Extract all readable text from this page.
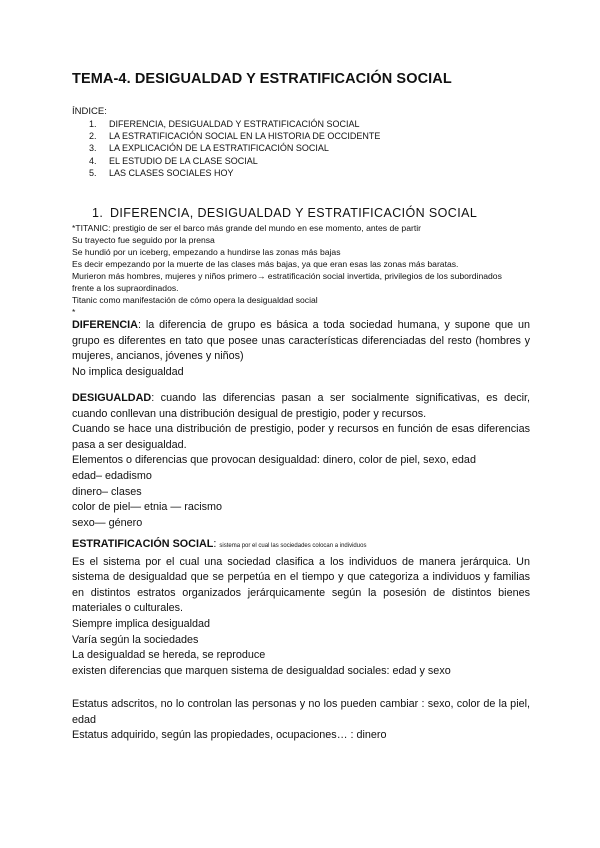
TEMA-4. DESIGUALDAD Y ESTRATIFICACIÓN SOCIAL
ÍNDICE:
1.	DIFERENCIA, DESIGUALDAD Y ESTRATIFICACIÓN SOCIAL
2.	LA ESTRATIFICACIÓN SOCIAL EN LA HISTORIA DE OCCIDENTE
3.	LA EXPLICACIÓN DE LA ESTRATIFICACIÓN SOCIAL
4.	EL ESTUDIO DE LA CLASE SOCIAL
5.	LAS CLASES SOCIALES HOY
1. DIFERENCIA, DESIGUALDAD Y ESTRATIFICACIÓN SOCIAL
*TITANIC: prestigio de ser el barco más grande del mundo en ese momento, antes de partir
Su trayecto fue seguido por la prensa
Se hundió por un iceberg, empezando a hundirse las zonas más bajas
Es decir empezando por la muerte de las clases más bajas, ya que eran esas las zonas más baratas.
Murieron más hombres, mujeres y niños primero→ estratificación social invertida, privilegios de los subordinados
frente a los supraordinados.
Titanic como manifestación de cómo opera la desigualdad social
*

DIFERENCIA: la diferencia de grupo es básica a toda sociedad humana, y supone que un grupo es diferentes en tato que posee unas características diferenciadas del resto (hombres y mujeres, ancianos, jóvenes y niños)

No implica desigualdad

DESIGUALDAD: cuando las diferencias pasan a ser socialmente significativas, es decir, cuando conllevan una distribución desigual de prestigio, poder y recursos.

Cuando se hace una distribución de prestigio, poder y recursos en función de esas diferencias pasa a ser desigualdad.

Elementos o diferencias que provocan desigualdad: dinero, color de piel, sexo, edad
edad– edadismo
dinero– clases
color de piel— etnia — racismo
sexo— género
ESTRATIFICACIÓN SOCIAL: sistema por el cual las sociedades colocan a individuos

Es el sistema por el cual una sociedad clasifica a los individuos de manera jerárquica. Un sistema de desigualdad que se perpetúa en el tiempo y que categoriza a individuos y familias en distintos estratos organizados jerárquicamente según la posesión de distintos bienes materiales o culturales.

Siempre implica desigualdad
Varía según la sociedades
La desigualdad se hereda, se reproduce
existen diferencias que marquen sistema de desigualdad sociales: edad y sexo

Estatus adscritos, no lo controlan las personas y no los pueden cambiar : sexo, color de la piel, edad

Estatus adquirido, según las propiedades, ocupaciones… : dinero
